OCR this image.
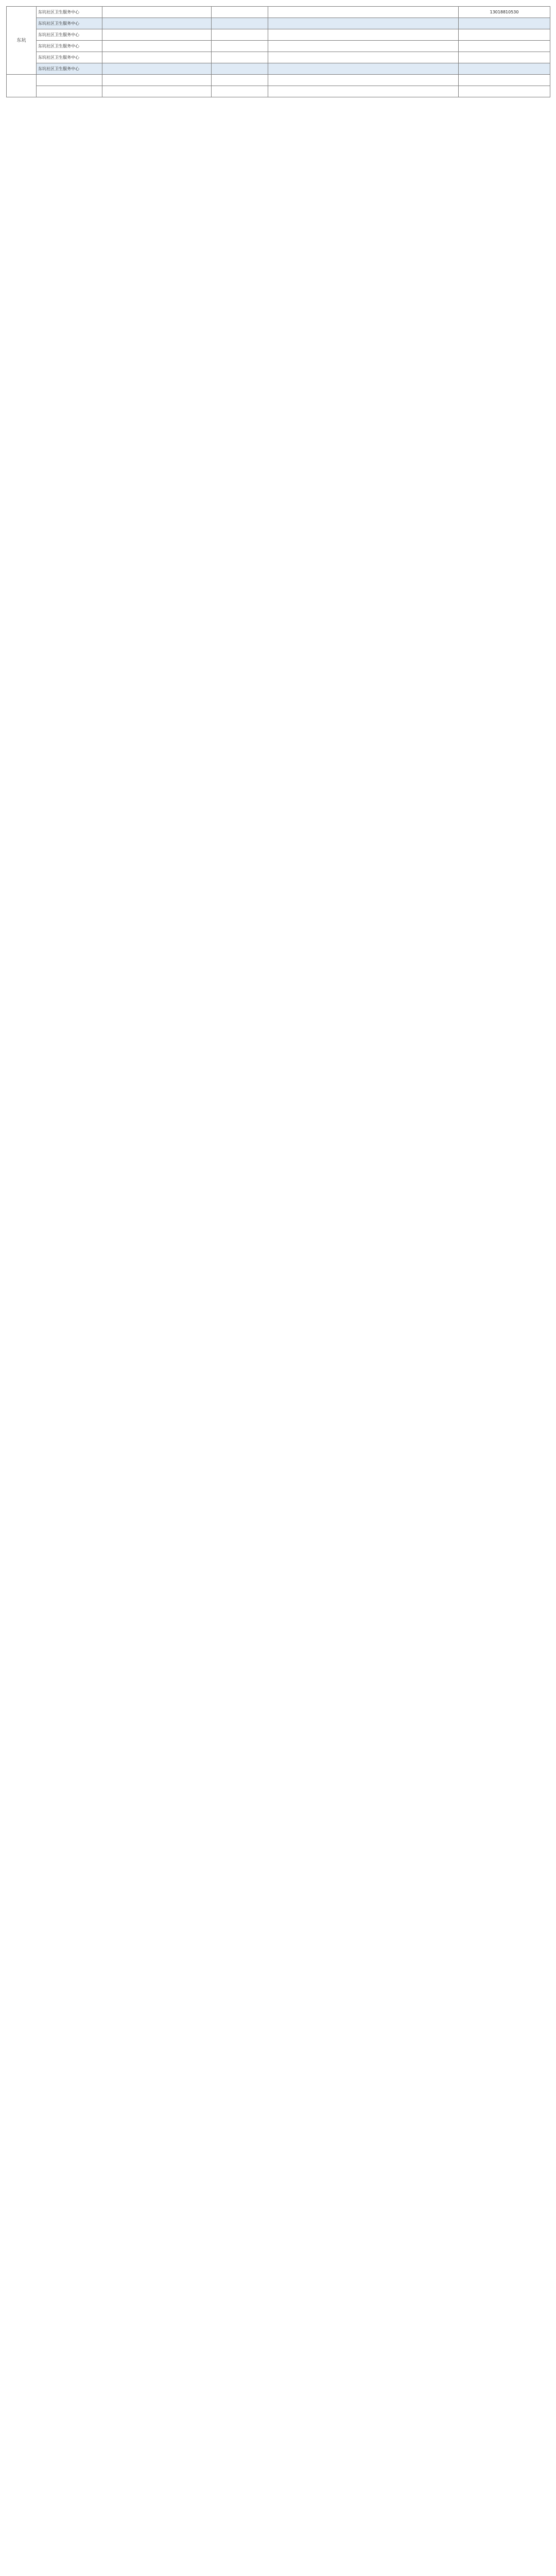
东坑	东坑社区卫生服务中心				13018810530
	东坑社区卫生服务中心				
	东坑社区卫生服务中心				
	东坑社区卫生服务中心				
	东坑社区卫生服务中心				
	东坑社区卫生服务中心				
